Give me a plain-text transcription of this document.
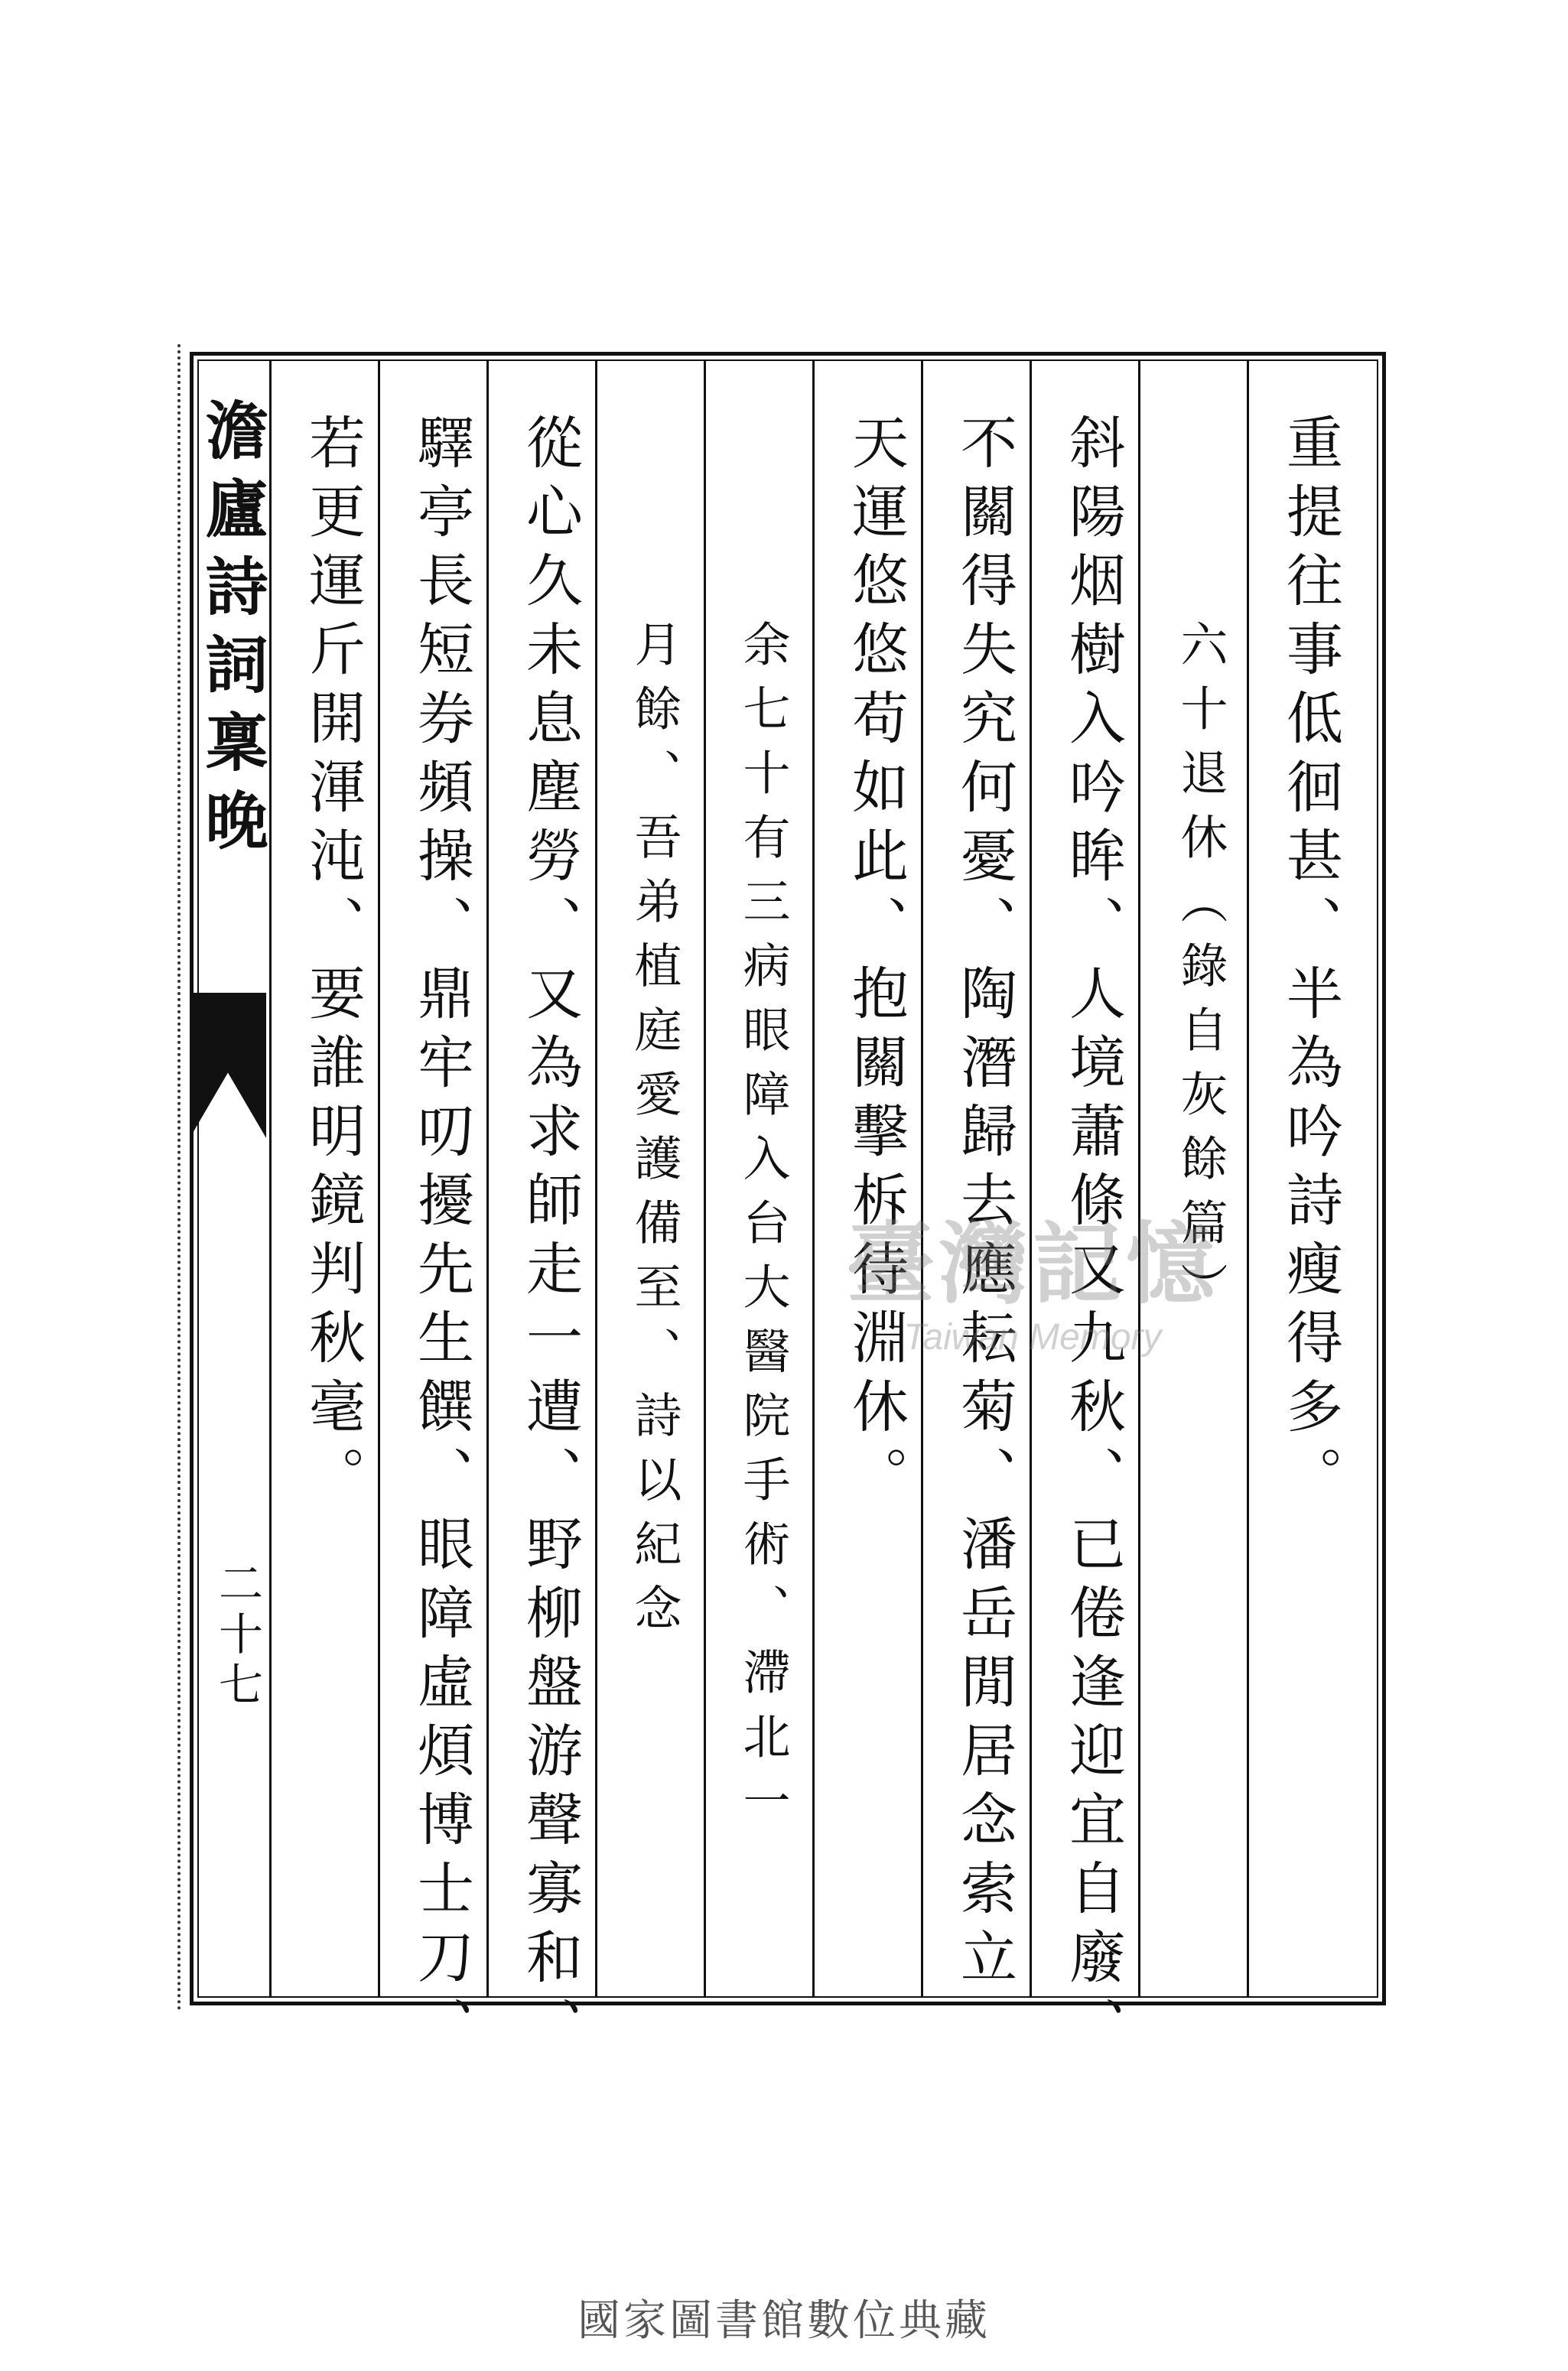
澹廬詩詞稟晚
二十七
重提往事低徊甚、半為吟詩瘦得多。
六十退休（錄自灰餘篇）
斜陽烟樹入吟眸、人境蕭條又九秋、已倦逢迎宜自廢、
不關得失究何憂、陶潛歸去應耘菊、潘岳閒居念索立
天運悠悠苟如此、抱關擊柝待淵休。
余七十有三病眼障入台大醫院手術、滯北一
月餘、吾弟植庭愛護備至、詩以紀念
從心久未息塵勞、又為求師走一遭、野柳盤游聲寡和、
驛亭長短券頻操、鼎牢叨擾先生饌、眼障虛煩博士刀、
若更運斤開渾沌、要誰明鏡判秋毫。	臺灣記憶
Taiwan Memory
國家圖書館數位典藏
